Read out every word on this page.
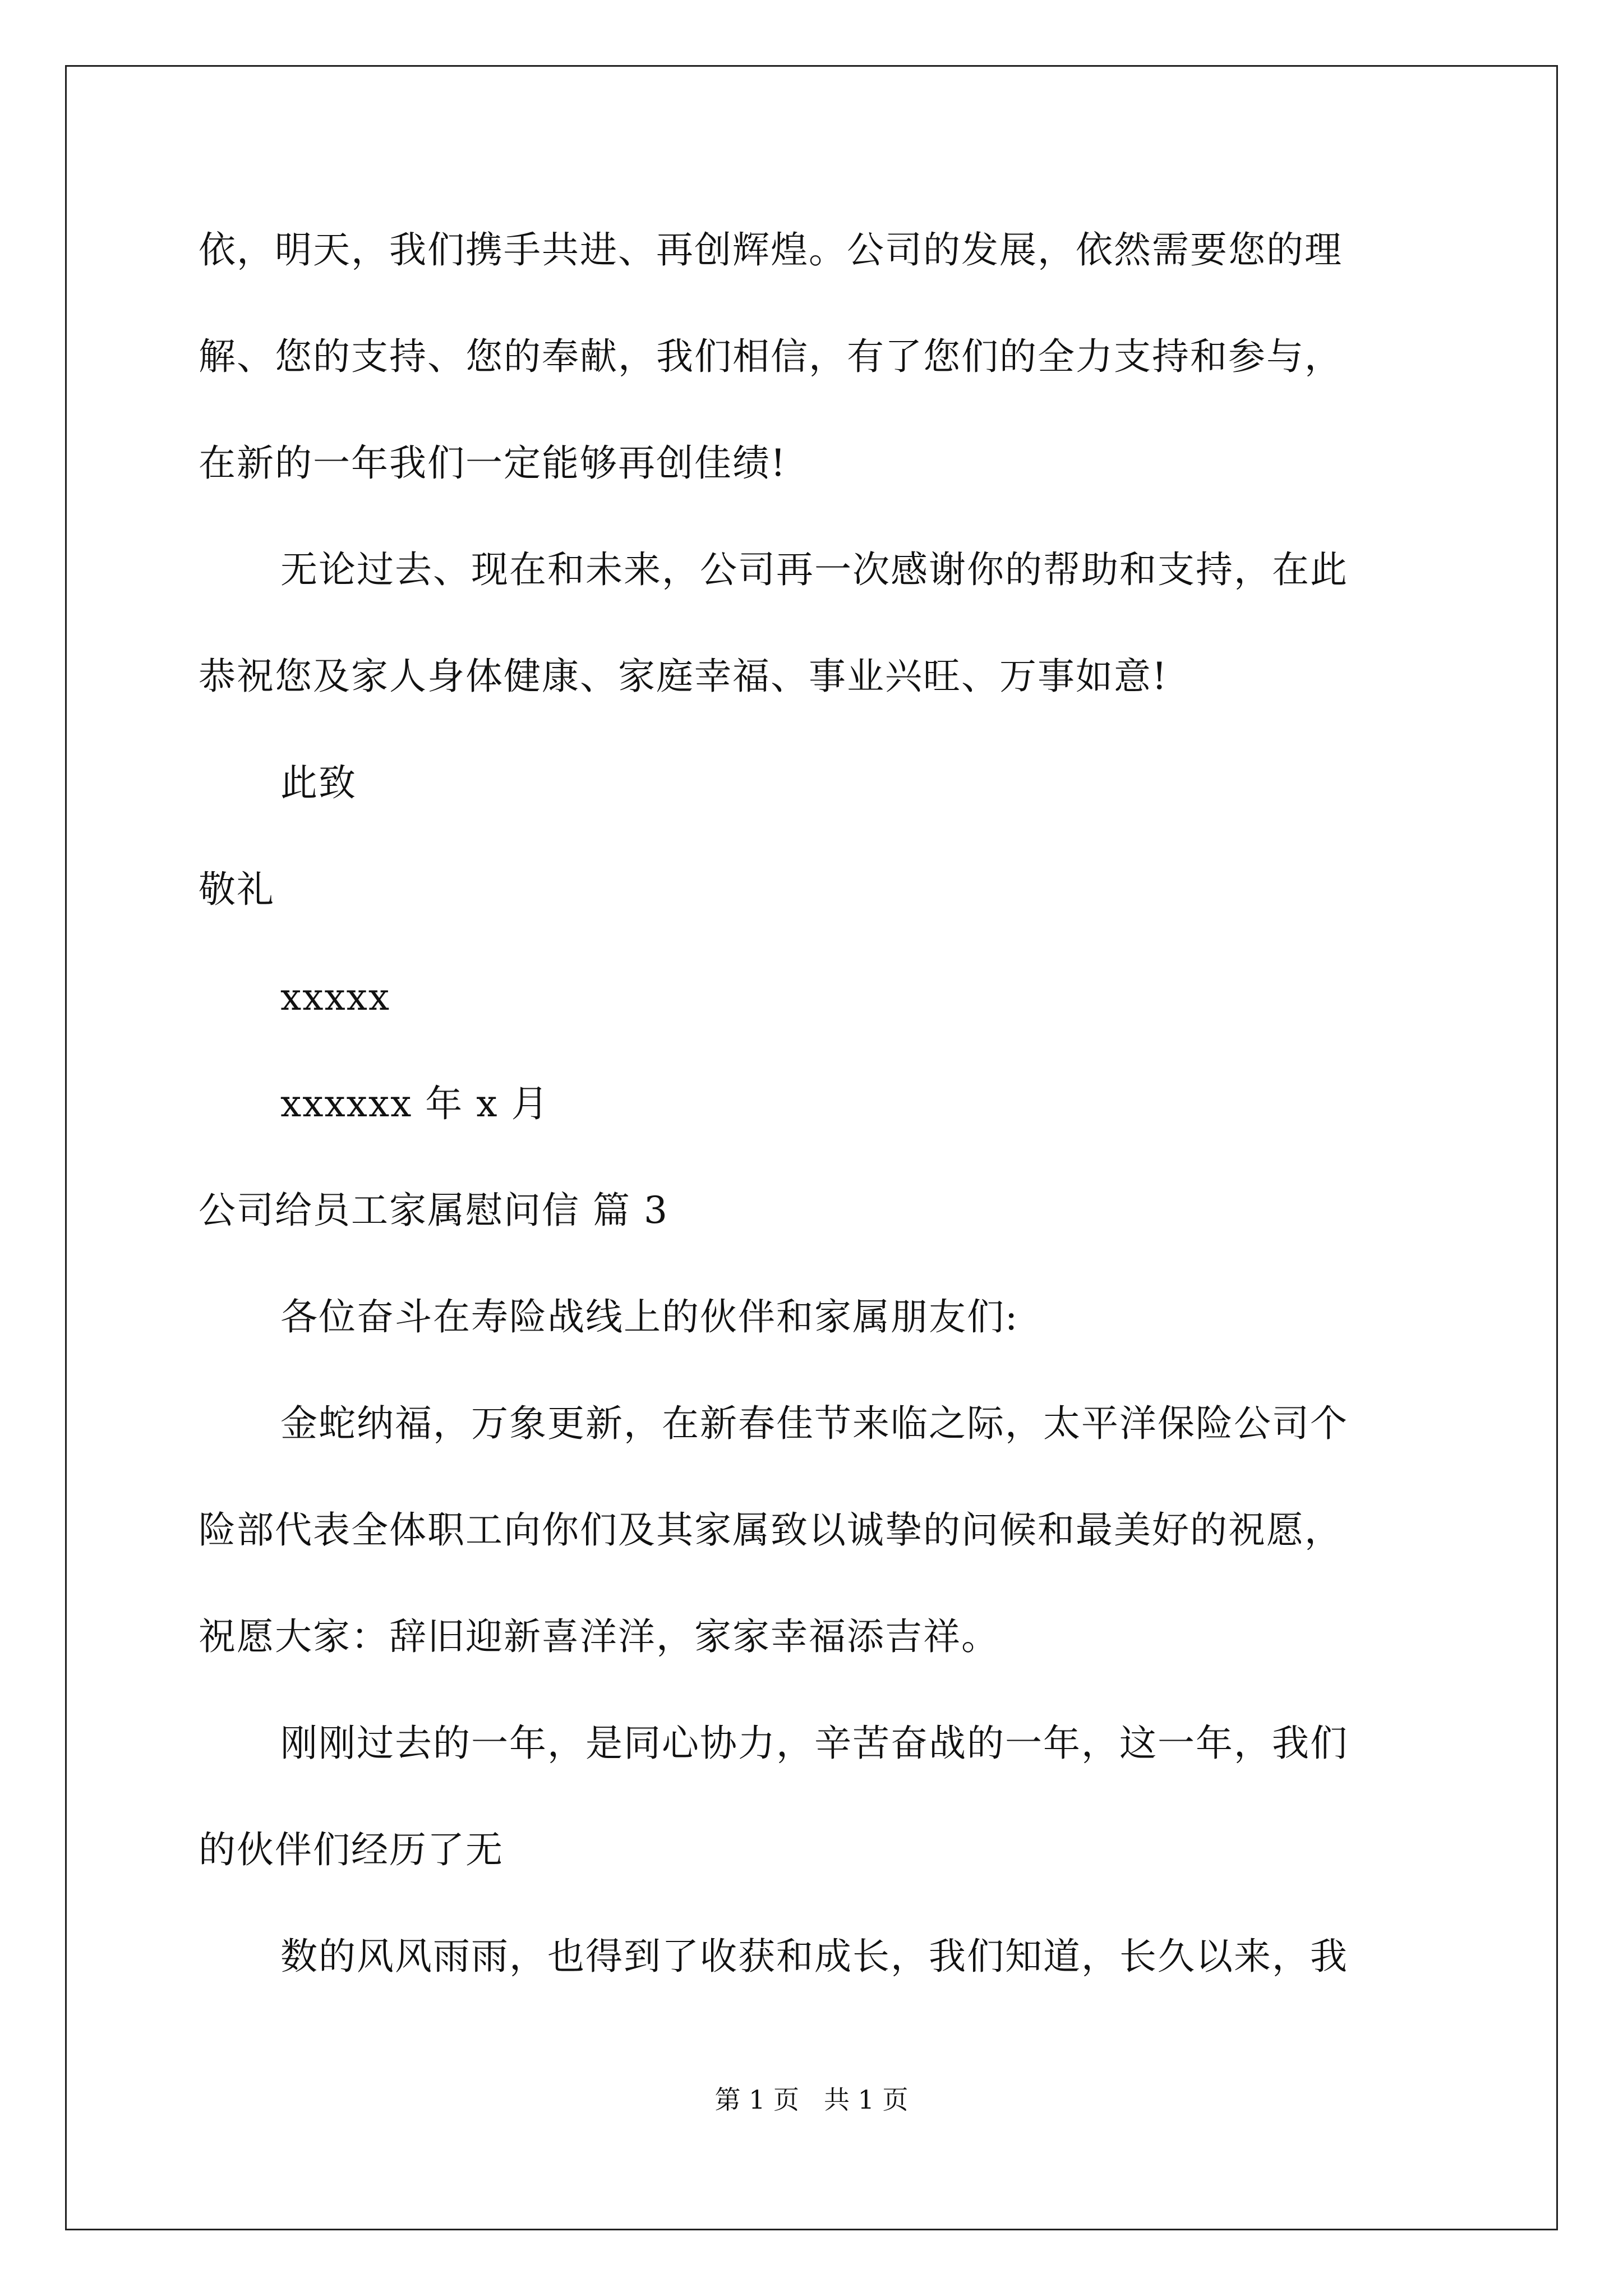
依，明天，我们携手共进、再创辉煌。公司的发展，依然需要您的理
解、您的支持、您的奉献，我们相信，有了您们的全力支持和参与，
在新的一年我们一定能够再创佳绩!
无论过去、现在和未来，公司再一次感谢你的帮助和支持，在此
恭祝您及家人身体健康、家庭幸福、事业兴旺、万事如意!
此致
敬礼
xxxxx
xxxxxx 年 x 月
公司给员工家属慰问信 篇 3
各位奋斗在寿险战线上的伙伴和家属朋友们:
金蛇纳福，万象更新，在新春佳节来临之际，太平洋保险公司个
险部代表全体职工向你们及其家属致以诚挚的问候和最美好的祝愿，
祝愿大家：辞旧迎新喜洋洋，家家幸福添吉祥。
刚刚过去的一年，是同心协力，辛苦奋战的一年，这一年，我们
的伙伴们经历了无
数的风风雨雨，也得到了收获和成长，我们知道，长久以来，我
第 1 页 共 1 页
